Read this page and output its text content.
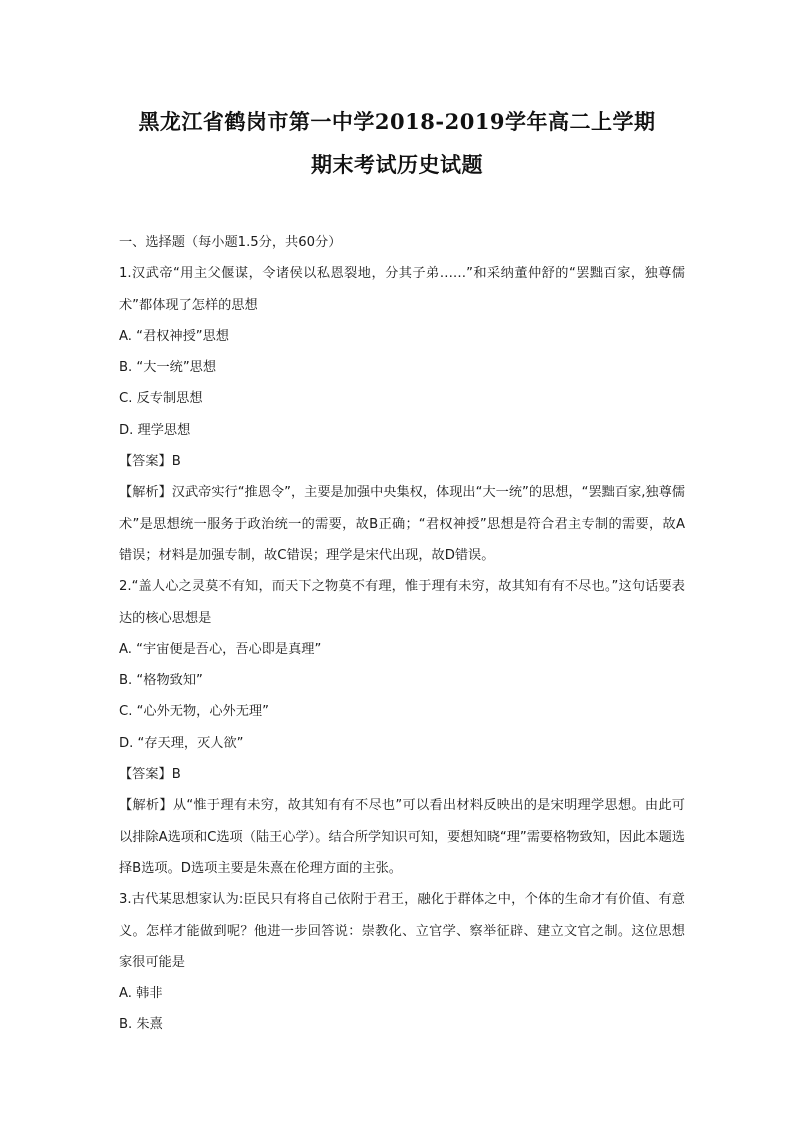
黑龙江省鹤岗市第一中学2018-2019学年高二上学期
期末考试历史试题

一、选择题（每小题1.5分，共60分）

1.汉武帝“用主父偃谋，令诸侯以私恩裂地，分其子弟……”和采纳董仲舒的“罢黜百家，独尊儒术”都体现了怎样的思想

A. “君权神授”思想

B. “大一统”思想

C. 反专制思想

D. 理学思想

【答案】B

【解析】汉武帝实行“推恩令”，主要是加强中央集权，体现出“大一统”的思想，“罢黜百家,独尊儒术”是思想统一服务于政治统一的需要，故B正确；“君权神授”思想是符合君主专制的需要，故A错误；材料是加强专制，故C错误；理学是宋代出现，故D错误。

2.“盖人心之灵莫不有知，而天下之物莫不有理，惟于理有未穷，故其知有有不尽也。”这句话要表达的核心思想是

A. “宇宙便是吾心，吾心即是真理”

B. “格物致知”

C. “心外无物，心外无理”

D. “存天理，灭人欲”

【答案】B

【解析】从“惟于理有未穷，故其知有有不尽也”可以看出材料反映出的是宋明理学思想。由此可以排除A选项和C选项（陆王心学）。结合所学知识可知，要想知晓“理”需要格物致知，因此本题选择B选项。D选项主要是朱熹在伦理方面的主张。

3.古代某思想家认为:臣民只有将自己依附于君王，融化于群体之中，个体的生命才有价值、有意义。怎样才能做到呢？他进一步回答说：崇教化、立官学、察举征辟、建立文官之制。这位思想家很可能是

A. 韩非

B. 朱熹
